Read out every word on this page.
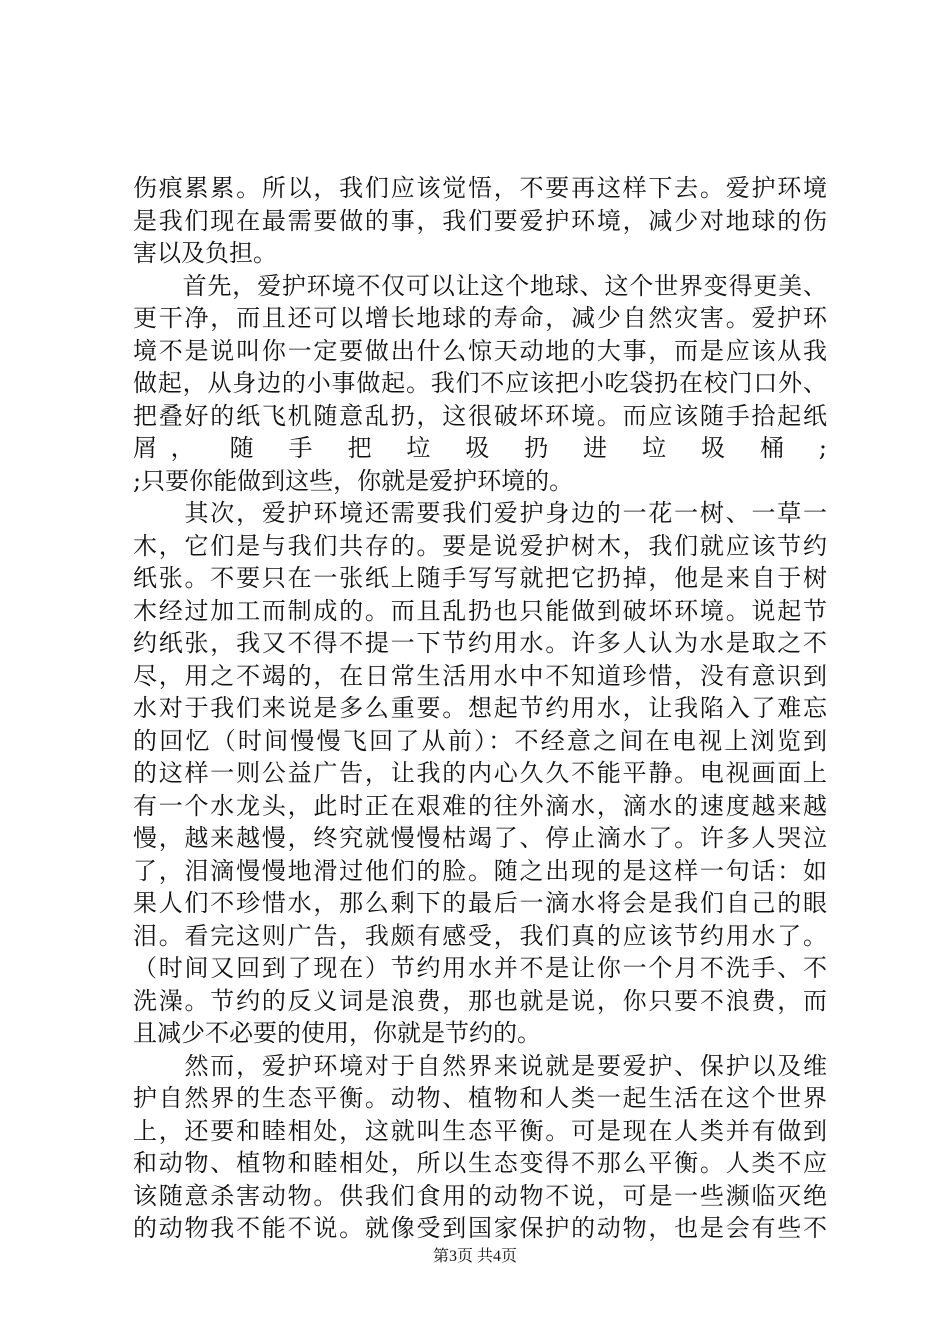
伤痕累累。所以，我们应该觉悟，不要再这样下去。爱护环境
是我们现在最需要做的事，我们要爱护环境，减少对地球的伤
害以及负担。
　　首先，爱护环境不仅可以让这个地球、这个世界变得更美、
更干净，而且还可以增长地球的寿命，减少自然灾害。爱护环
境不是说叫你一定要做出什么惊天动地的大事，而是应该从我
做起，从身边的小事做起。我们不应该把小吃袋扔在校门口外、
把叠好的纸飞机随意乱扔，这很破坏环境。而应该随手拾起纸
屑， 随 手 把 垃 圾 扔 进 垃 圾 桶 ;
;只要你能做到这些，你就是爱护环境的。
　　其次，爱护环境还需要我们爱护身边的一花一树、一草一
木，它们是与我们共存的。要是说爱护树木，我们就应该节约
纸张。不要只在一张纸上随手写写就把它扔掉，他是来自于树
木经过加工而制成的。而且乱扔也只能做到破坏环境。说起节
约纸张，我又不得不提一下节约用水。许多人认为水是取之不
尽，用之不竭的，在日常生活用水中不知道珍惜，没有意识到
水对于我们来说是多么重要。想起节约用水，让我陷入了难忘
的回忆（时间慢慢飞回了从前）：不经意之间在电视上浏览到
的这样一则公益广告，让我的内心久久不能平静。电视画面上
有一个水龙头，此时正在艰难的往外滴水，滴水的速度越来越
慢，越来越慢，终究就慢慢枯竭了、停止滴水了。许多人哭泣
了，泪滴慢慢地滑过他们的脸。随之出现的是这样一句话：如
果人们不珍惜水，那么剩下的最后一滴水将会是我们自己的眼
泪。看完这则广告，我颇有感受，我们真的应该节约用水了。
（时间又回到了现在）节约用水并不是让你一个月不洗手、不
洗澡。节约的反义词是浪费，那也就是说，你只要不浪费，而
且减少不必要的使用，你就是节约的。
　　然而，爱护环境对于自然界来说就是要爱护、保护以及维
护自然界的生态平衡。动物、植物和人类一起生活在这个世界
上，还要和睦相处，这就叫生态平衡。可是现在人类并有做到
和动物、植物和睦相处，所以生态变得不那么平衡。人类不应
该随意杀害动物。供我们食用的动物不说，可是一些濒临灭绝
的动物我不能不说。就像受到国家保护的动物，也是会有些不
第3页 共4页
